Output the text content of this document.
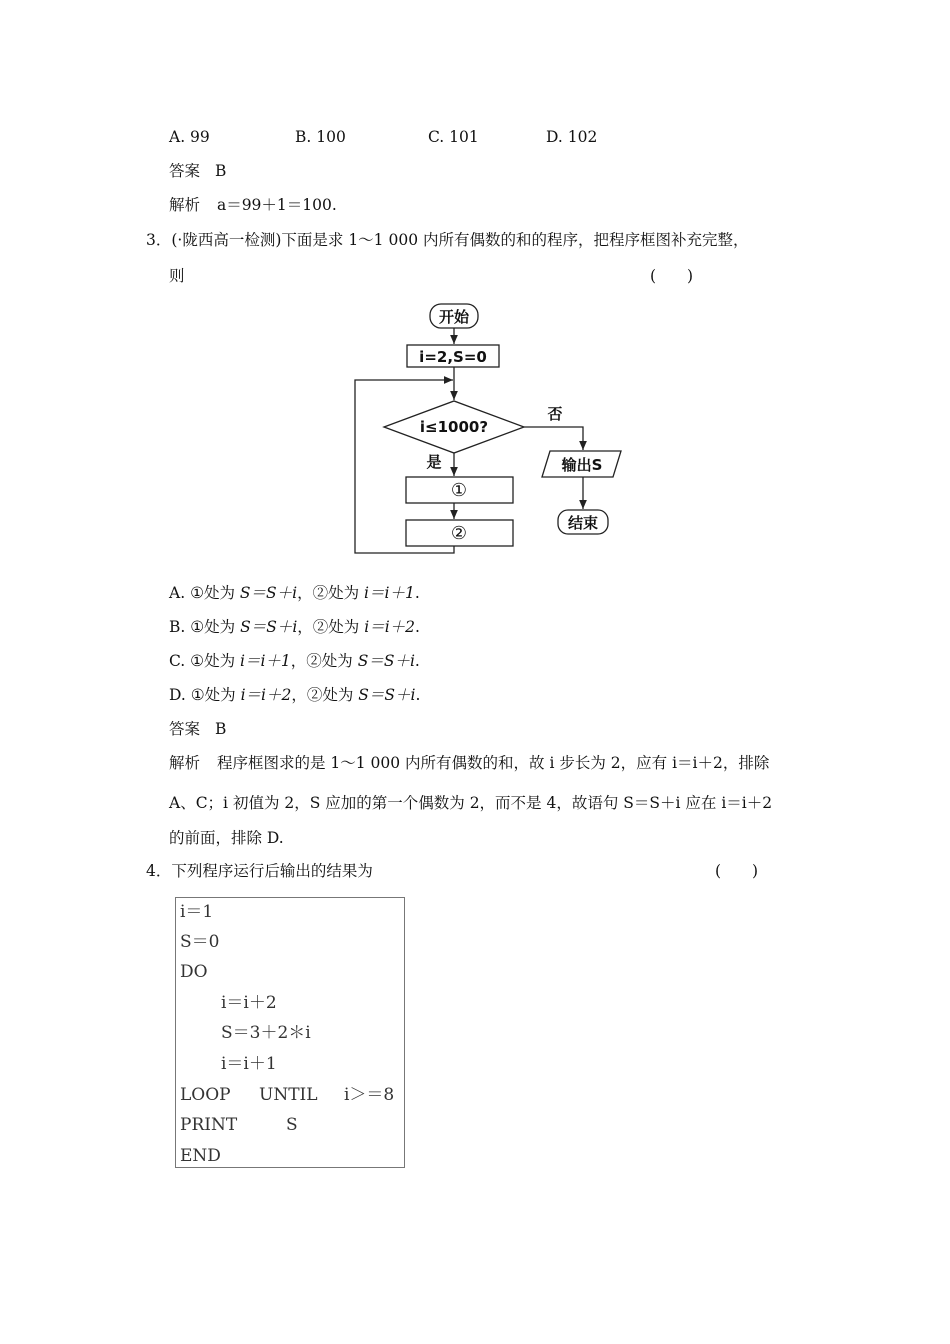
A. 99	B. 100	C. 101	D. 102
答案 B
解析 a＝99＋1＝100.
3．(·陇西高一检测)下面是求 1～1 000 内所有偶数的和的程序，把程序框图补充完整，
则	(　　)
开始
i=2,S=0
i≤1000?
否
是
①
②
输出S
结束
A. ①处为 S＝S＋i，②处为 i＝i＋1.
B. ①处为 S＝S＋i，②处为 i＝i＋2.
C. ①处为 i＝i＋1，②处为 S＝S＋i.
D. ①处为 i＝i＋2，②处为 S＝S＋i.
答案 B
解析 程序框图求的是 1～1 000 内所有偶数的和，故 i 步长为 2，应有 i＝i＋2，排除
A、C；i 初值为 2，S 应加的第一个偶数为 2，而不是 4，故语句 S＝S＋i 应在 i＝i＋2
的前面，排除 D.
4．下列程序运行后输出的结果为	(　　)
i＝1
S＝0
DO
i＝i＋2
S＝3＋2＊i
i＝i＋1
LOOP UNTIL i＞＝8
PRINT	S
END
